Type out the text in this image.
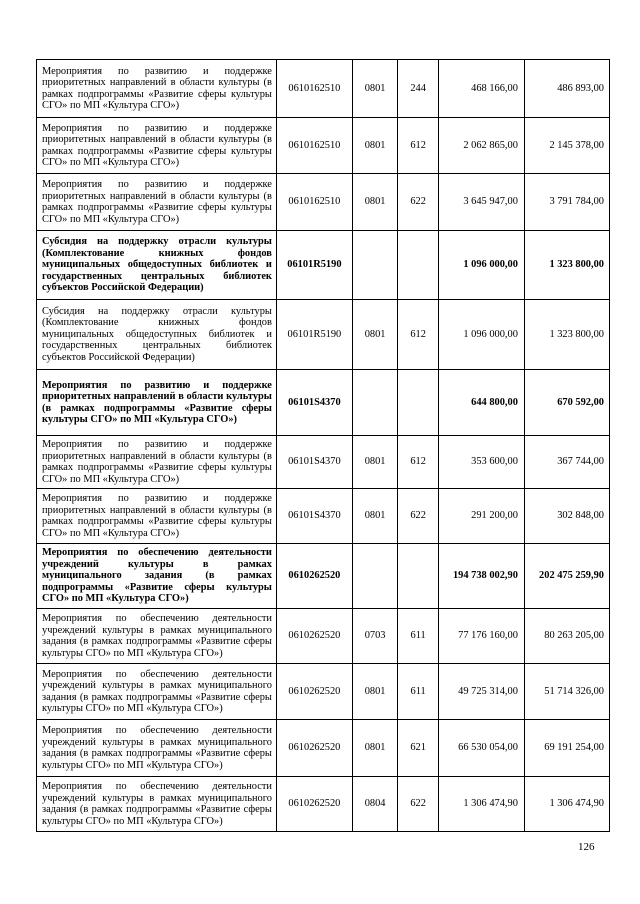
Мероприятия по развитию и поддержке приоритетных направлений в области культуры (в рамках подпрограммы «Развитие сферы культуры СГО» по МП «Культура СГО»)	0610162510	0801	244	468 166,00	486 893,00
Мероприятия по развитию и поддержке приоритетных направлений в области культуры (в рамках подпрограммы «Развитие сферы культуры СГО» по МП «Культура СГО»)	0610162510	0801	612	2 062 865,00	2 145 378,00
Мероприятия по развитию и поддержке приоритетных направлений в области культуры (в рамках подпрограммы «Развитие сферы культуры СГО» по МП «Культура СГО»)	0610162510	0801	622	3 645 947,00	3 791 784,00
Субсидия на поддержку отрасли культуры (Комплектование книжных фондов муниципальных общедоступных библиотек и государственных центральных библиотек субъектов Российской Федерации)	06101R5190			1 096 000,00	1 323 800,00
Субсидия на поддержку отрасли культуры (Комплектование книжных фондов муниципальных общедоступных библиотек и государственных центральных библиотек субъектов Российской Федерации)	06101R5190	0801	612	1 096 000,00	1 323 800,00
Мероприятия по развитию и поддержке приоритетных направлений в области культуры (в рамках подпрограммы «Развитие сферы культуры СГО» по МП «Культура СГО»)	06101S4370			644 800,00	670 592,00
Мероприятия по развитию и поддержке приоритетных направлений в области культуры (в рамках подпрограммы «Развитие сферы культуры СГО» по МП «Культура СГО»)	06101S4370	0801	612	353 600,00	367 744,00
Мероприятия по развитию и поддержке приоритетных направлений в области культуры (в рамках подпрограммы «Развитие сферы культуры СГО» по МП «Культура СГО»)	06101S4370	0801	622	291 200,00	302 848,00
Мероприятия по обеспечению деятельности учреждений культуры в рамках муниципального задания (в рамках подпрограммы «Развитие сферы культуры СГО» по МП «Культура СГО»)	0610262520			194 738 002,90	202 475 259,90
Мероприятия по обеспечению деятельности учреждений культуры в рамках муниципального задания (в рамках подпрограммы «Развитие сферы культуры СГО» по МП «Культура СГО»)	0610262520	0703	611	77 176 160,00	80 263 205,00
Мероприятия по обеспечению деятельности учреждений культуры в рамках муниципального задания (в рамках подпрограммы «Развитие сферы культуры СГО» по МП «Культура СГО»)	0610262520	0801	611	49 725 314,00	51 714 326,00
Мероприятия по обеспечению деятельности учреждений культуры в рамках муниципального задания (в рамках подпрограммы «Развитие сферы культуры СГО» по МП «Культура СГО»)	0610262520	0801	621	66 530 054,00	69 191 254,00
Мероприятия по обеспечению деятельности учреждений культуры в рамках муниципального задания (в рамках подпрограммы «Развитие сферы культуры СГО» по МП «Культура СГО»)	0610262520	0804	622	1 306 474,90	1 306 474,90
126
